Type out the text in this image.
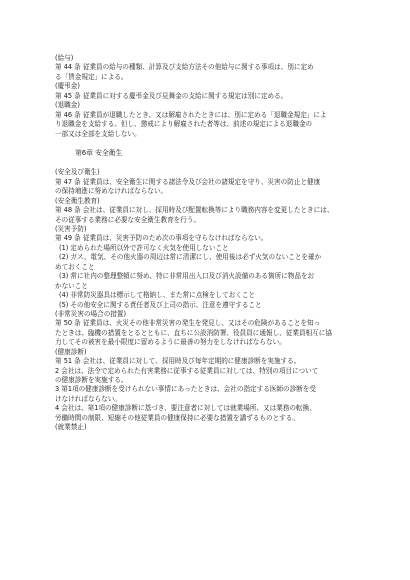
(給与)
第 44 条 従業員の給与の種類、計算及び支給方法その他給与に関する事項は、別に定め
る「賃金規定」による。
(慶弔金)
第 45 条 従業員に対する慶弔金及び見舞金の支給に関する規定は別に定める。
(退職金)
第 46 条 従業員が退職したとき、又は解雇されたときには、別に定める「退職金規定」によ
り退職金を支給する。但し、懲戒により解雇された者等は、前述の規定による退職金の
一部又は全部を支給しない。
第6章 安全衛生
(安全及び衛生)
第 47 条 従業員は、安全衛生に関する諸法令及び会社の諸規定を守り、災害の防止と健康
の保持増進に努めなければならない。
(安全衛生教育)
第 48 条 会社は、従業員に対し、採用時及び配置転換等により職務内容を変更したときには、
その従事する業務に必要な安全衛生教育を行う。
(災害予防)
第 49 条 従業員は、災害予防のため次の事項を守らなければならない。
(1) 定められた場所以外で許可なく火気を使用しないこと
(2) ガス、電気、その他火器の周辺は常に清潔にし、使用後は必ず火気のないことを確か
めておくこと
(3) 常に社内の整理整頓に努め、特に非常用出入口及び消火設備のある箇所に物品をお
かないこと
(4) 非常防災器具は標示して格納し、また常に点検をしておくこと
(5) その他安全に関する責任者及び上司の指示、注意を遵守すること
(非常災害の場合の措置)
第 50 条 従業員は、火災その他非常災害の発生を発見し、又はその危険があることを知っ
たときは、臨機の措置をとるとともに、直ちに公設消防署、役員員に通報し、従業員相互に協
力してその被害を最小限度に留めるように最善の努力をしなければならない。
(健康診断)
第 51 条 会社は、従業員に対して、採用時及び毎年定期的に健康診断を実施する。
2 会社は、法令で定められた有害業務に従事する従業員に対しては、特別の項目について
の健康診断を実施する。
3 第1項の健康診断を受けられない事情にあったときは、会社の指定する医師の診断を受
けなければならない。
4 会社は、第1項の健康診断に基づき、要注意者に対しては就業場所、又は業務の転換、
労働時間の制限、短縮その他従業員の健康保持に必要な措置を講ずるものとする。
(就業禁止)
